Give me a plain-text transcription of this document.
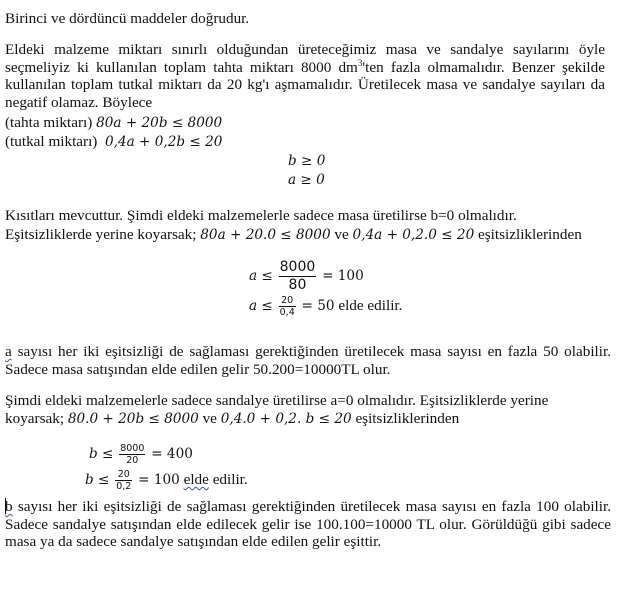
Birinci ve dördüncü maddeler doğrudur.

Eldeki malzeme miktarı sınırlı olduğundan üreteceğimiz masa ve sandalye sayılarını öyle seçmeliyiz ki kullanılan toplam tahta miktarı 8000 $dm^3'ten$ fazla olmamalıdır. Benzer şekilde kullanılan toplam tutkal miktarı da 20 kg'ı aşmamalıdır. Üretilecek masa ve sandalye sayıları da negatif olamaz. Böylece

(tahta miktarı) 80a + 20b ≤ 8000
(tutkal miktarı) 0,4a + 0,2b ≤ 20
b ≥ 0
a ≥ 0
Kısıtları mevcuttur. Şimdi eldeki malzemelerle sadece masa üretilirse b=0 olmalıdır.
Eşitsizliklerde yerine koyarsak; 80a + 20.0 ≤ 8000 ve 0,4a + 0,2.0 ≤ 20 eşitsizliklerinden
$a \le \frac{8000}{80} = 100$
$a \le \frac{20}{0,4} = 50$ elde edilir.

a sayısı her iki eşitsizliği de sağlaması gerektiğinden üretilecek masa sayısı en fazla 50 olabilir. Sadece masa satışından elde edilen gelir 50.200=10000TL olur.

Şimdi eldeki malzemelerle sadece sandalye üretilirse a=0 olmalıdır. Eşitsizliklerde yerine
koyarsak; 80.0 + 20b ≤ 8000 ve 0,4.0 + 0,2. b ≤ 20 eşitsizliklerinden
$b \le \frac{8000}{20} = 400$
$b \le \frac{20}{0,2} = 100$ elde edilir.

b sayısı her iki eşitsizliği de sağlaması gerektiğinden üretilecek masa sayısı en fazla 100 olabilir. Sadece sandalye satışından elde edilecek gelir ise 100.100=10000 TL olur. Görüldüğü gibi sadece masa ya da sadece sandalye satışından elde edilen gelir eşittir.
